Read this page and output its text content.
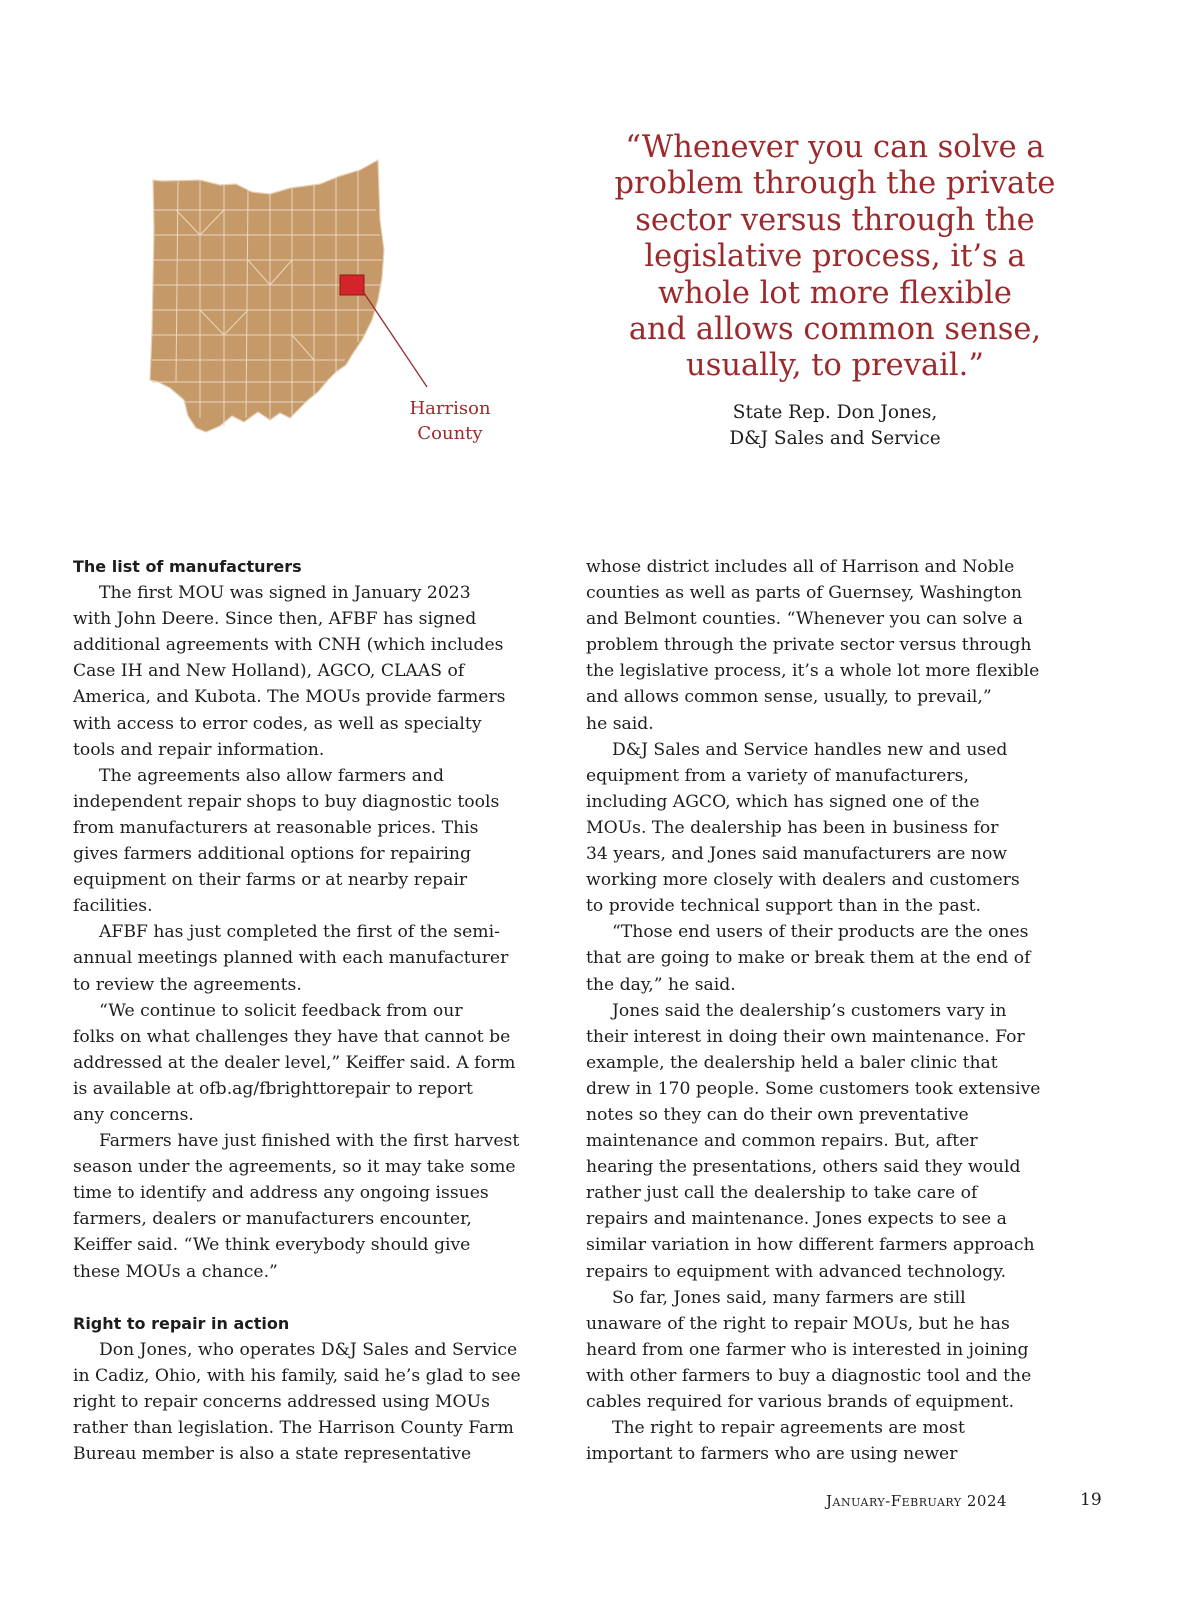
Harrison
County
“Whenever you can solve a
problem through the private
sector versus through the
legislative process, it’s a
whole lot more flexible
and allows common sense,
usually, to prevail.”
State Rep. Don Jones,
D&J Sales and Service
The list of manufacturers
The first MOU was signed in January 2023
with John Deere. Since then, AFBF has signed
additional agreements with CNH (which includes
Case IH and New Holland), AGCO, CLAAS of
America, and Kubota. The MOUs provide farmers
with access to error codes, as well as specialty
tools and repair information.
The agreements also allow farmers and
independent repair shops to buy diagnostic tools
from manufacturers at reasonable prices. This
gives farmers additional options for repairing
equipment on their farms or at nearby repair
facilities.
AFBF has just completed the first of the semi-
annual meetings planned with each manufacturer
to review the agreements.
“We continue to solicit feedback from our
folks on what challenges they have that cannot be
addressed at the dealer level,” Keiffer said. A form
is available at ofb.ag/fbrighttorepair to report
any concerns.
Farmers have just finished with the first harvest
season under the agreements, so it may take some
time to identify and address any ongoing issues
farmers, dealers or manufacturers encounter,
Keiffer said. “We think everybody should give
these MOUs a chance.”
Right to repair in action
Don Jones, who operates D&J Sales and Service
in Cadiz, Ohio, with his family, said he’s glad to see
right to repair concerns addressed using MOUs
rather than legislation. The Harrison County Farm
Bureau member is also a state representative
whose district includes all of Harrison and Noble
counties as well as parts of Guernsey, Washington
and Belmont counties. “Whenever you can solve a
problem through the private sector versus through
the legislative process, it’s a whole lot more flexible
and allows common sense, usually, to prevail,”
he said.
D&J Sales and Service handles new and used
equipment from a variety of manufacturers,
including AGCO, which has signed one of the
MOUs. The dealership has been in business for
34 years, and Jones said manufacturers are now
working more closely with dealers and customers
to provide technical support than in the past.
“Those end users of their products are the ones
that are going to make or break them at the end of
the day,” he said.
Jones said the dealership’s customers vary in
their interest in doing their own maintenance. For
example, the dealership held a baler clinic that
drew in 170 people. Some customers took extensive
notes so they can do their own preventative
maintenance and common repairs. But, after
hearing the presentations, others said they would
rather just call the dealership to take care of
repairs and maintenance. Jones expects to see a
similar variation in how different farmers approach
repairs to equipment with advanced technology.
So far, Jones said, many farmers are still
unaware of the right to repair MOUs, but he has
heard from one farmer who is interested in joining
with other farmers to buy a diagnostic tool and the
cables required for various brands of equipment.
The right to repair agreements are most
important to farmers who are using newer
January-February 2024	19
